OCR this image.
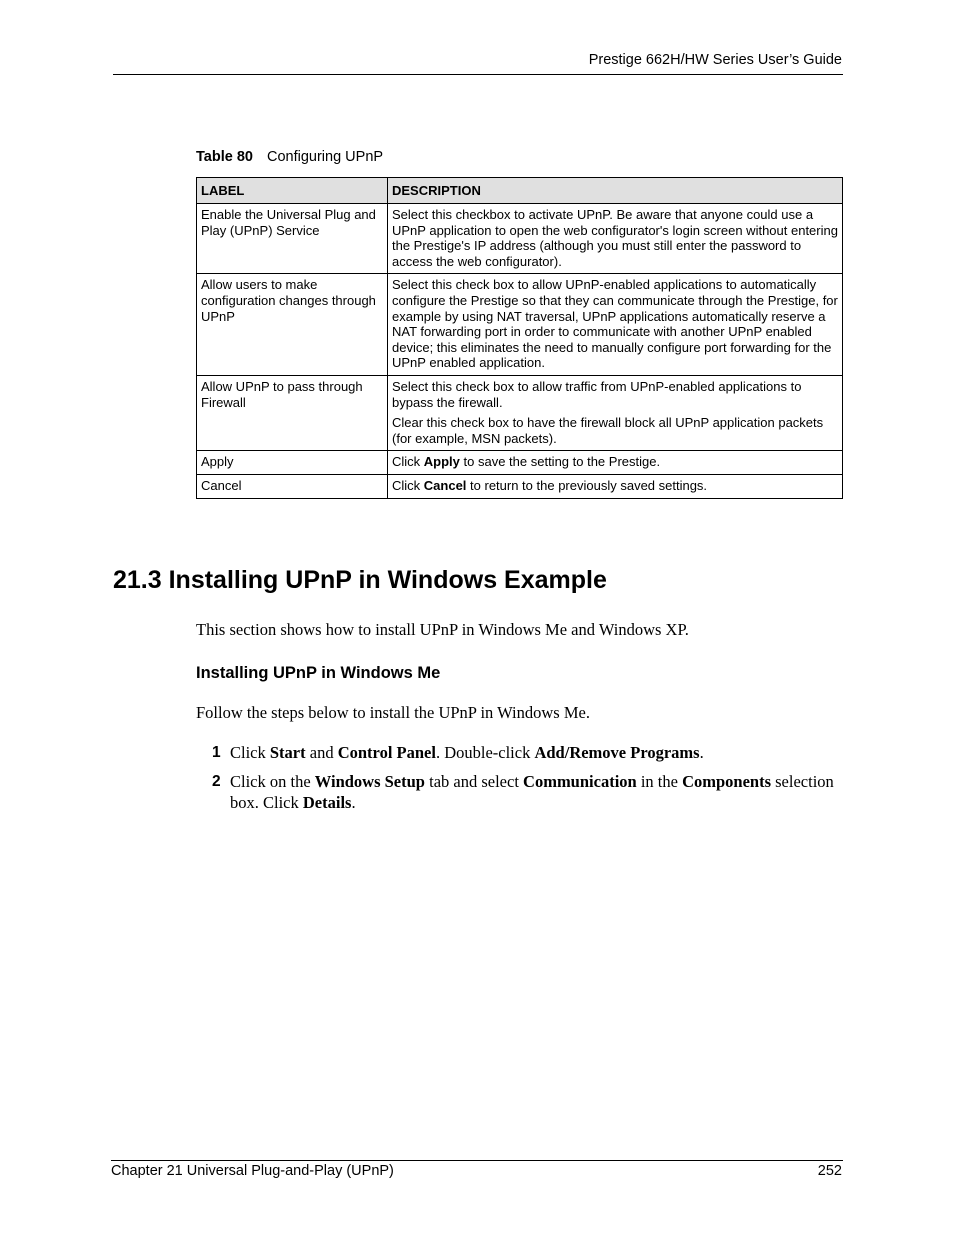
Prestige 662H/HW Series User’s Guide
Table 80 Configuring UPnP
LABEL	DESCRIPTION
Enable the Universal Plug and Play (UPnP) Service	Select this checkbox to activate UPnP. Be aware that anyone could use a UPnP application to open the web configurator's login screen without entering the Prestige's IP address (although you must still enter the password to access the web configurator).

Allow users to make configuration changes through UPnP	Select this check box to allow UPnP-enabled applications to automatically configure the Prestige so that they can communicate through the Prestige, for example by using NAT traversal, UPnP applications automatically reserve a NAT forwarding port in order to communicate with another UPnP enabled device; this eliminates the need to manually configure port forwarding for the UPnP enabled application.

Allow UPnP to pass through Firewall	Select this check box to allow traffic from UPnP-enabled applications to bypass the firewall.

Clear this check box to have the firewall block all UPnP application packets (for example, MSN packets).

Apply	Click Apply to save the setting to the Prestige.
Cancel	Click Cancel to return to the previously saved settings.
21.3 Installing UPnP in Windows Example

This section shows how to install UPnP in Windows Me and Windows XP.

Installing UPnP in Windows Me

Follow the steps below to install the UPnP in Windows Me.

1 Click Start and Control Panel. Double-click Add/Remove Programs.
2 Click on the Windows Setup tab and select Communication in the Components selection box. Click Details.
Chapter 21 Universal Plug-and-Play (UPnP)	252
